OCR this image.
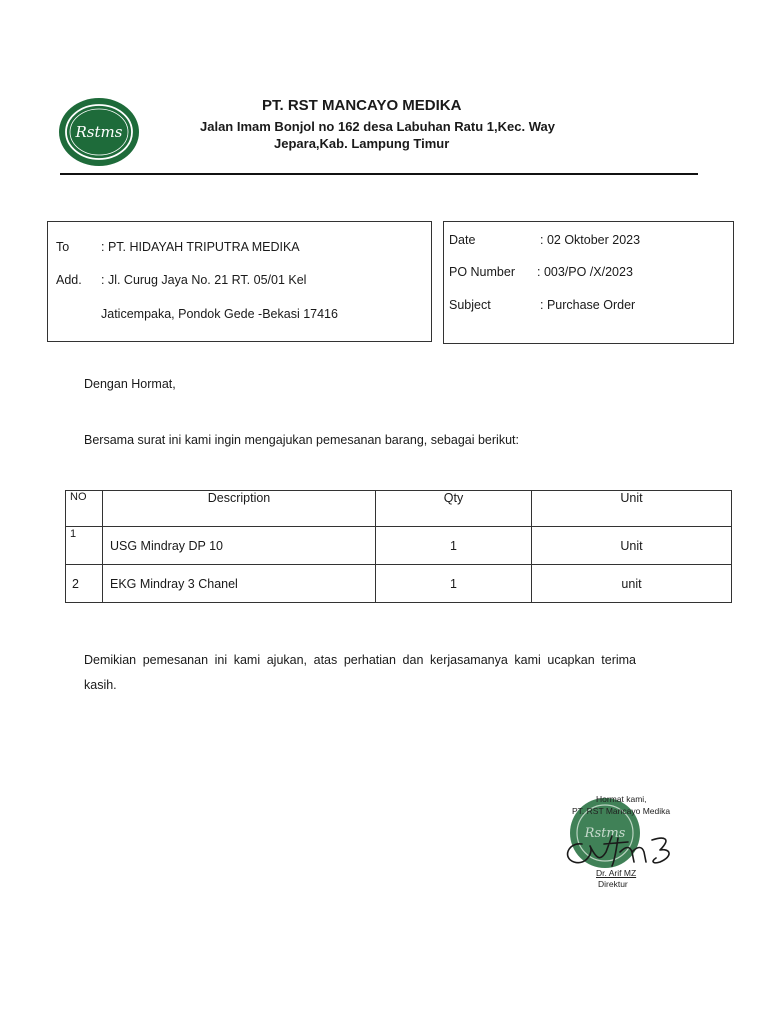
Rstms
PT. RST MANCAYO MEDIKA
Jalan Imam Bonjol no 162 desa Labuhan Ratu 1,Kec. Way
Jepara,Kab. Lampung Timur
To	: PT. HIDAYAH TRIPUTRA MEDIKA
Add. : Jl. Curug Jaya No. 21 RT. 05/01 Kel
Jaticempaka, Pondok Gede -Bekasi 17416
Date	: 02 Oktober 2023
PO Number : 003/PO /X/2023
Subject	: Purchase Order
Dengan Hormat,
Bersama surat ini kami ingin mengajukan pemesanan barang, sebagai berikut:
NO	Description	Qty	Unit
1	USG Mindray DP 10	1	Unit
2	EKG Mindray 3 Chanel	1	unit
Demikian pemesanan ini kami ajukan, atas perhatian dan kerjasamanya kami ucapkan terima kasih.
Rstms
Hormat kami,
PT. RST Mancayo Medika
Dr. Arif MZ
Direktur
